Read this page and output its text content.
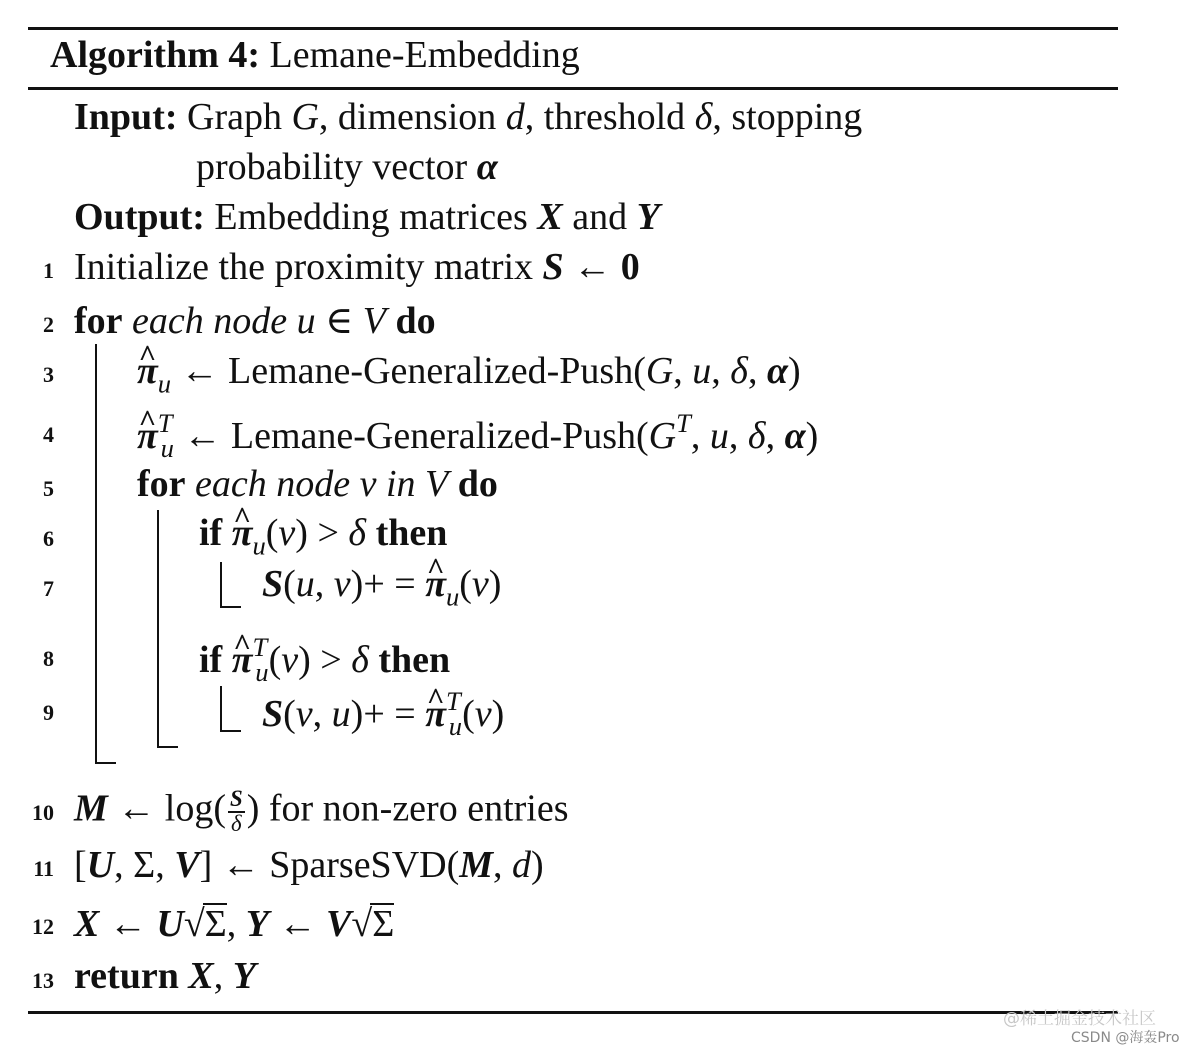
Algorithm 4: Lemane-Embedding
Input: Graph G, dimension d, threshold δ, stopping
probability vector α
Output: Embedding matrices X and Y
1 Initialize the proximity matrix S ← 0
2 for each node u ∈ V do
3 ^ $\pi_u$ ← Lemane-Generalized-Push(G, u, δ, α)
4 ^ $\pi^T_u$ ← Lemane-$Generalized-Push(G^T$, u, δ, α)
5 for each node v in V do
6	if ^ $\pi_u(v) > \delta$ then
7	S(u, v)+ = ^ $\pi_u(v)$
8	if ^ $\pi^T_u(v) > \delta$ then
9	S(v, u)+ = ^ $\pi^T_u(v)$
10 M ← $\log( \frac{S}{\delta}$ ) for non-zero entries
11 [U, Σ, V] ← SparseSVD(M, d)
12 X ← U√Σ, Y ← V√Σ
13 return X, Y
@稀土掘金技术社区
CSDN @海轰Pro
